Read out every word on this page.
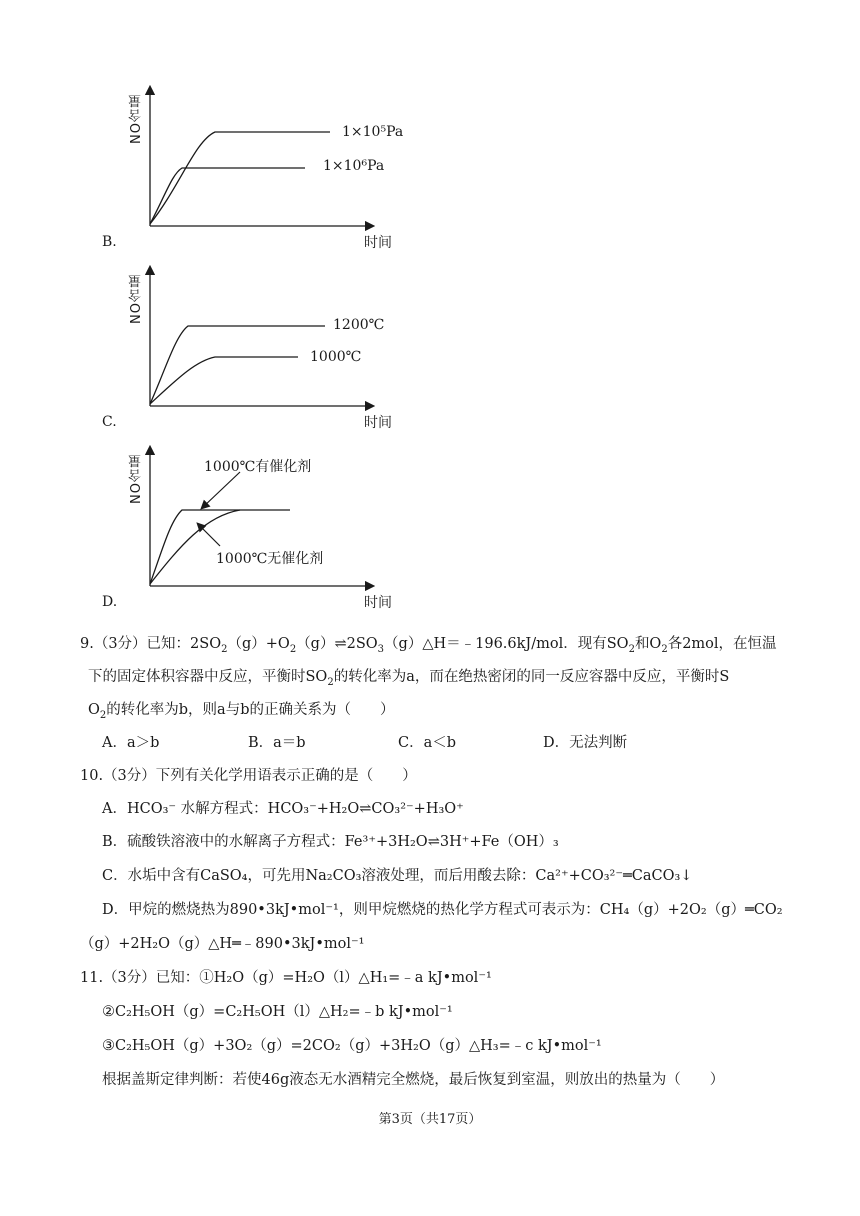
B.
NO含量	1×10⁵Pa
1×10⁶Pa
时间
C.
NO含量
1200℃
1000℃
时间
D.
NO含量	1000℃有催化剂
1000℃无催化剂
时间
9.（3分）已知：$2SO_2(g)+O_2(g)\rightleftharpoons 2SO_3(g)\triangle H=﹣196.6kJ$/mol．现有$SO_2$和$O_2$各2mol，在恒温
下的固定体积容器中反应，平衡时$SO_2$的转化率为a，而在绝热密闭的同一反应容器中反应，平衡时S
$O_2$的转化率为b，则a与b的正确关系为（　　）
A．a＞b	B．a＝b	C．a＜b	D．无法判断
10.（3分）下列有关化学用语表示正确的是（　　）
A．HCO₃⁻ 水解方程式：HCO₃⁻+H₂O⇌CO₃²⁻+H₃O⁺
B．硫酸铁溶液中的水解离子方程式：Fe³⁺+3H₂O⇌3H⁺+Fe（OH）₃
C．水垢中含有CaSO₄，可先用Na₂CO₃溶液处理，而后用酸去除：Ca²⁺+CO₃²⁻═CaCO₃↓
D．甲烷的燃烧热为890•3kJ•mol⁻¹，则甲烷燃烧的热化学方程式可表示为：CH₄（g）+2O₂（g）═CO₂
（g）+2H₂O（g）△H═﹣890•3kJ•mol⁻¹
11.（3分）已知：①H₂O（g）=H₂O（l）△H₁=﹣a kJ•mol⁻¹
②C₂H₅OH（g）=C₂H₅OH（l）△H₂=﹣b kJ•mol⁻¹
③C₂H₅OH（g）+3O₂（g）=2CO₂（g）+3H₂O（g）△H₃=﹣c kJ•mol⁻¹
根据盖斯定律判断：若使46g液态无水酒精完全燃烧，最后恢复到室温，则放出的热量为（　　）
第3页（共17页）
